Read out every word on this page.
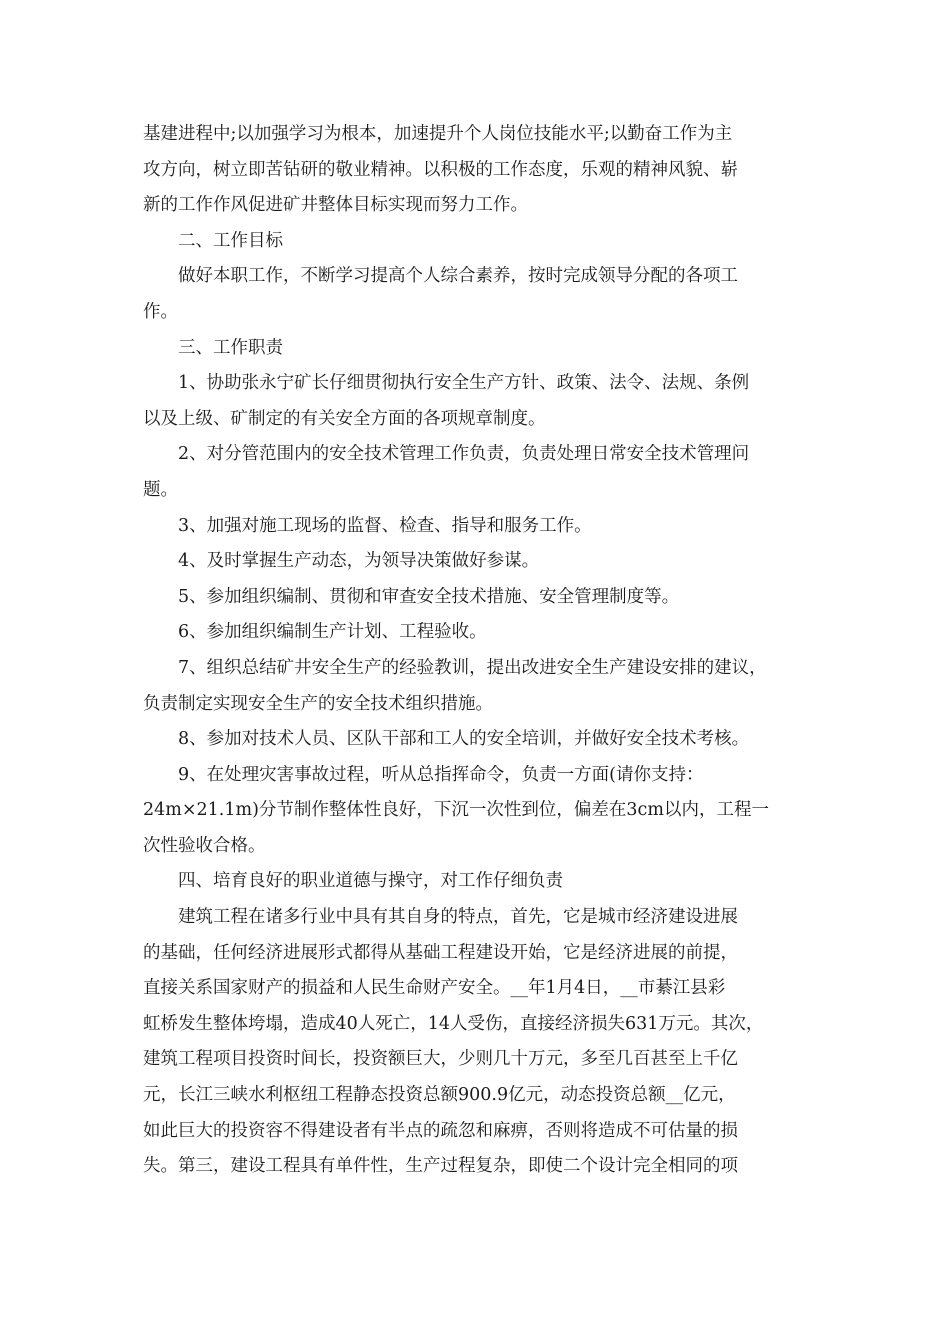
基建进程中;以加强学习为根本，加速提升个人岗位技能水平;以勤奋工作为主
攻方向，树立即苦钻研的敬业精神。以积极的工作态度，乐观的精神风貌、崭
新的工作作风促进矿井整体目标实现而努力工作。
二、工作目标
做好本职工作，不断学习提高个人综合素养，按时完成领导分配的各项工
作。
三、工作职责
1、协助张永宁矿长仔细贯彻执行安全生产方针、政策、法令、法规、条例
以及上级、矿制定的有关安全方面的各项规章制度。
2、对分管范围内的安全技术管理工作负责，负责处理日常安全技术管理问
题。
3、加强对施工现场的监督、检查、指导和服务工作。
4、及时掌握生产动态，为领导决策做好参谋。
5、参加组织编制、贯彻和审查安全技术措施、安全管理制度等。
6、参加组织编制生产计划、工程验收。
7、组织总结矿井安全生产的经验教训，提出改进安全生产建设安排的建议，
负责制定实现安全生产的安全技术组织措施。
8、参加对技术人员、区队干部和工人的安全培训，并做好安全技术考核。
9、在处理灾害事故过程，听从总指挥命令，负责一方面(请你支持：
24m×21.1m)分节制作整体性良好，下沉一次性到位，偏差在3cm以内，工程一
次性验收合格。
四、培育良好的职业道德与操守，对工作仔细负责
建筑工程在诸多行业中具有其自身的特点，首先，它是城市经济建设进展
的基础，任何经济进展形式都得从基础工程建设开始，它是经济进展的前提，
直接关系国家财产的损益和人民生命财产安全。__年1月4日，__市綦江县彩
虹桥发生整体垮塌，造成40人死亡，14人受伤，直接经济损失631万元。其次，
建筑工程项目投资时间长，投资额巨大，少则几十万元，多至几百甚至上千亿
元，长江三峡水利枢纽工程静态投资总额900.9亿元，动态投资总额__亿元，
如此巨大的投资容不得建设者有半点的疏忽和麻痹，否则将造成不可估量的损
失。第三，建设工程具有单件性，生产过程复杂，即使二个设计完全相同的项
